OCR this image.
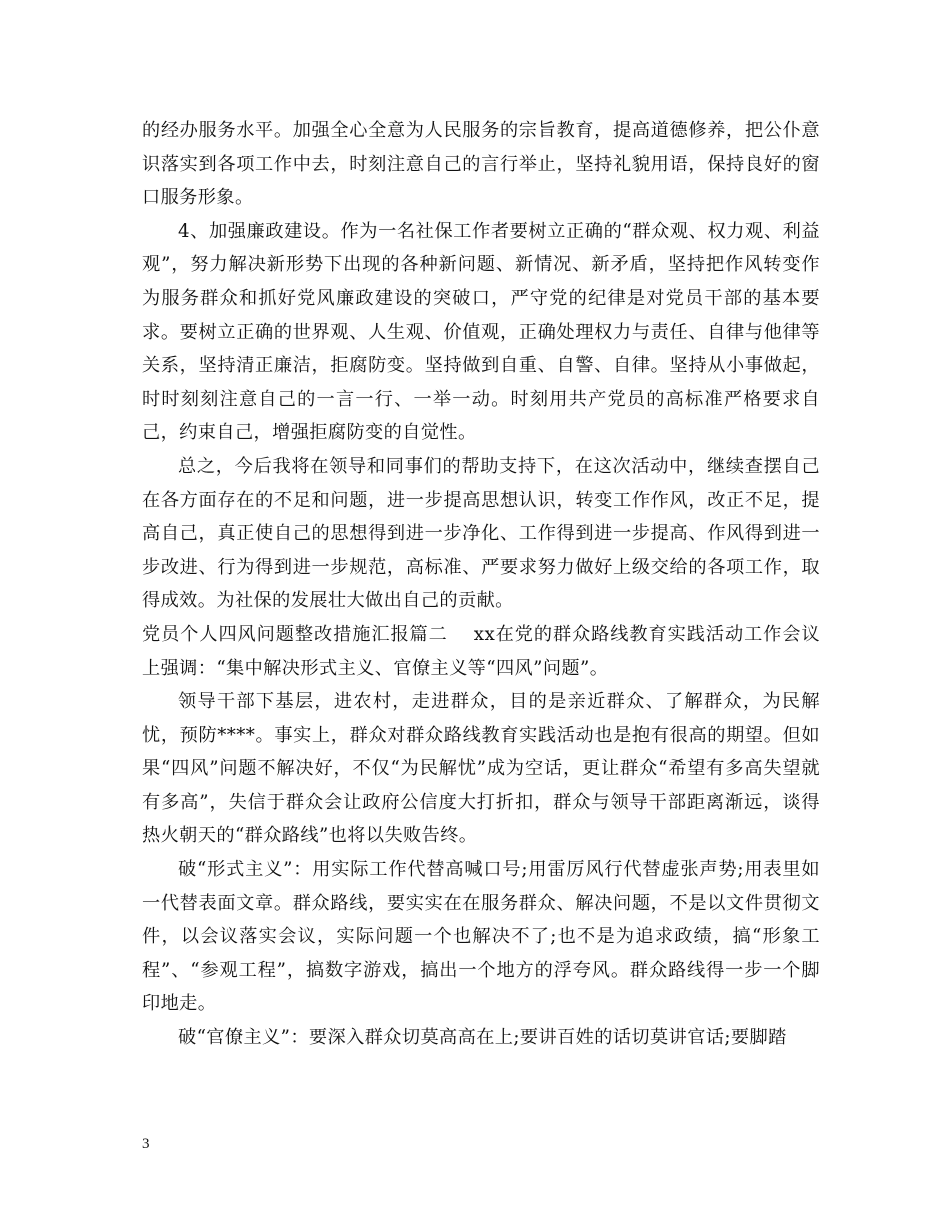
的经办服务水平。加强全心全意为人民服务的宗旨教育，提高道德修养，把公仆意识落实到各项工作中去，时刻注意自己的言行举止，坚持礼貌用语，保持良好的窗口服务形象。

4、加强廉政建设。作为一名社保工作者要树立正确的“群众观、权力观、利益观”，努力解决新形势下出现的各种新问题、新情况、新矛盾，坚持把作风转变作为服务群众和抓好党风廉政建设的突破口，严守党的纪律是对党员干部的基本要求。要树立正确的世界观、人生观、价值观，正确处理权力与责任、自律与他律等关系，坚持清正廉洁，拒腐防变。坚持做到自重、自警、自律。坚持从小事做起，时时刻刻注意自己的一言一行、一举一动。时刻用共产党员的高标准严格要求自己，约束自己，增强拒腐防变的自觉性。

总之，今后我将在领导和同事们的帮助支持下，在这次活动中，继续查摆自己在各方面存在的不足和问题，进一步提高思想认识，转变工作作风，改正不足，提高自己，真正使自己的思想得到进一步净化、工作得到进一步提高、作风得到进一步改进、行为得到进一步规范，高标准、严要求努力做好上级交给的各项工作，取得成效。为社保的发展壮大做出自己的贡献。

党员个人四风问题整改措施汇报篇二 xx在党的群众路线教育实践活动工作会议上强调：“集中解决形式主义、官僚主义等“四风”问题”。

领导干部下基层，进农村，走进群众，目的是亲近群众、了解群众，为民解忧，预防****。事实上，群众对群众路线教育实践活动也是抱有很高的期望。但如果“四风”问题不解决好，不仅“为民解忧”成为空话，更让群众“希望有多高失望就有多高”，失信于群众会让政府公信度大打折扣，群众与领导干部距离渐远，谈得热火朝天的“群众路线”也将以失败告终。

破“形式主义”：用实际工作代替高喊口号;用雷厉风行代替虚张声势;用表里如一代替表面文章。群众路线，要实实在在服务群众、解决问题，不是以文件贯彻文件，以会议落实会议，实际问题一个也解决不了;也不是为追求政绩，搞“形象工程”、“参观工程”，搞数字游戏，搞出一个地方的浮夸风。群众路线得一步一个脚印地走。

破“官僚主义”：要深入群众切莫高高在上;要讲百姓的话切莫讲官话;要脚踏

3
